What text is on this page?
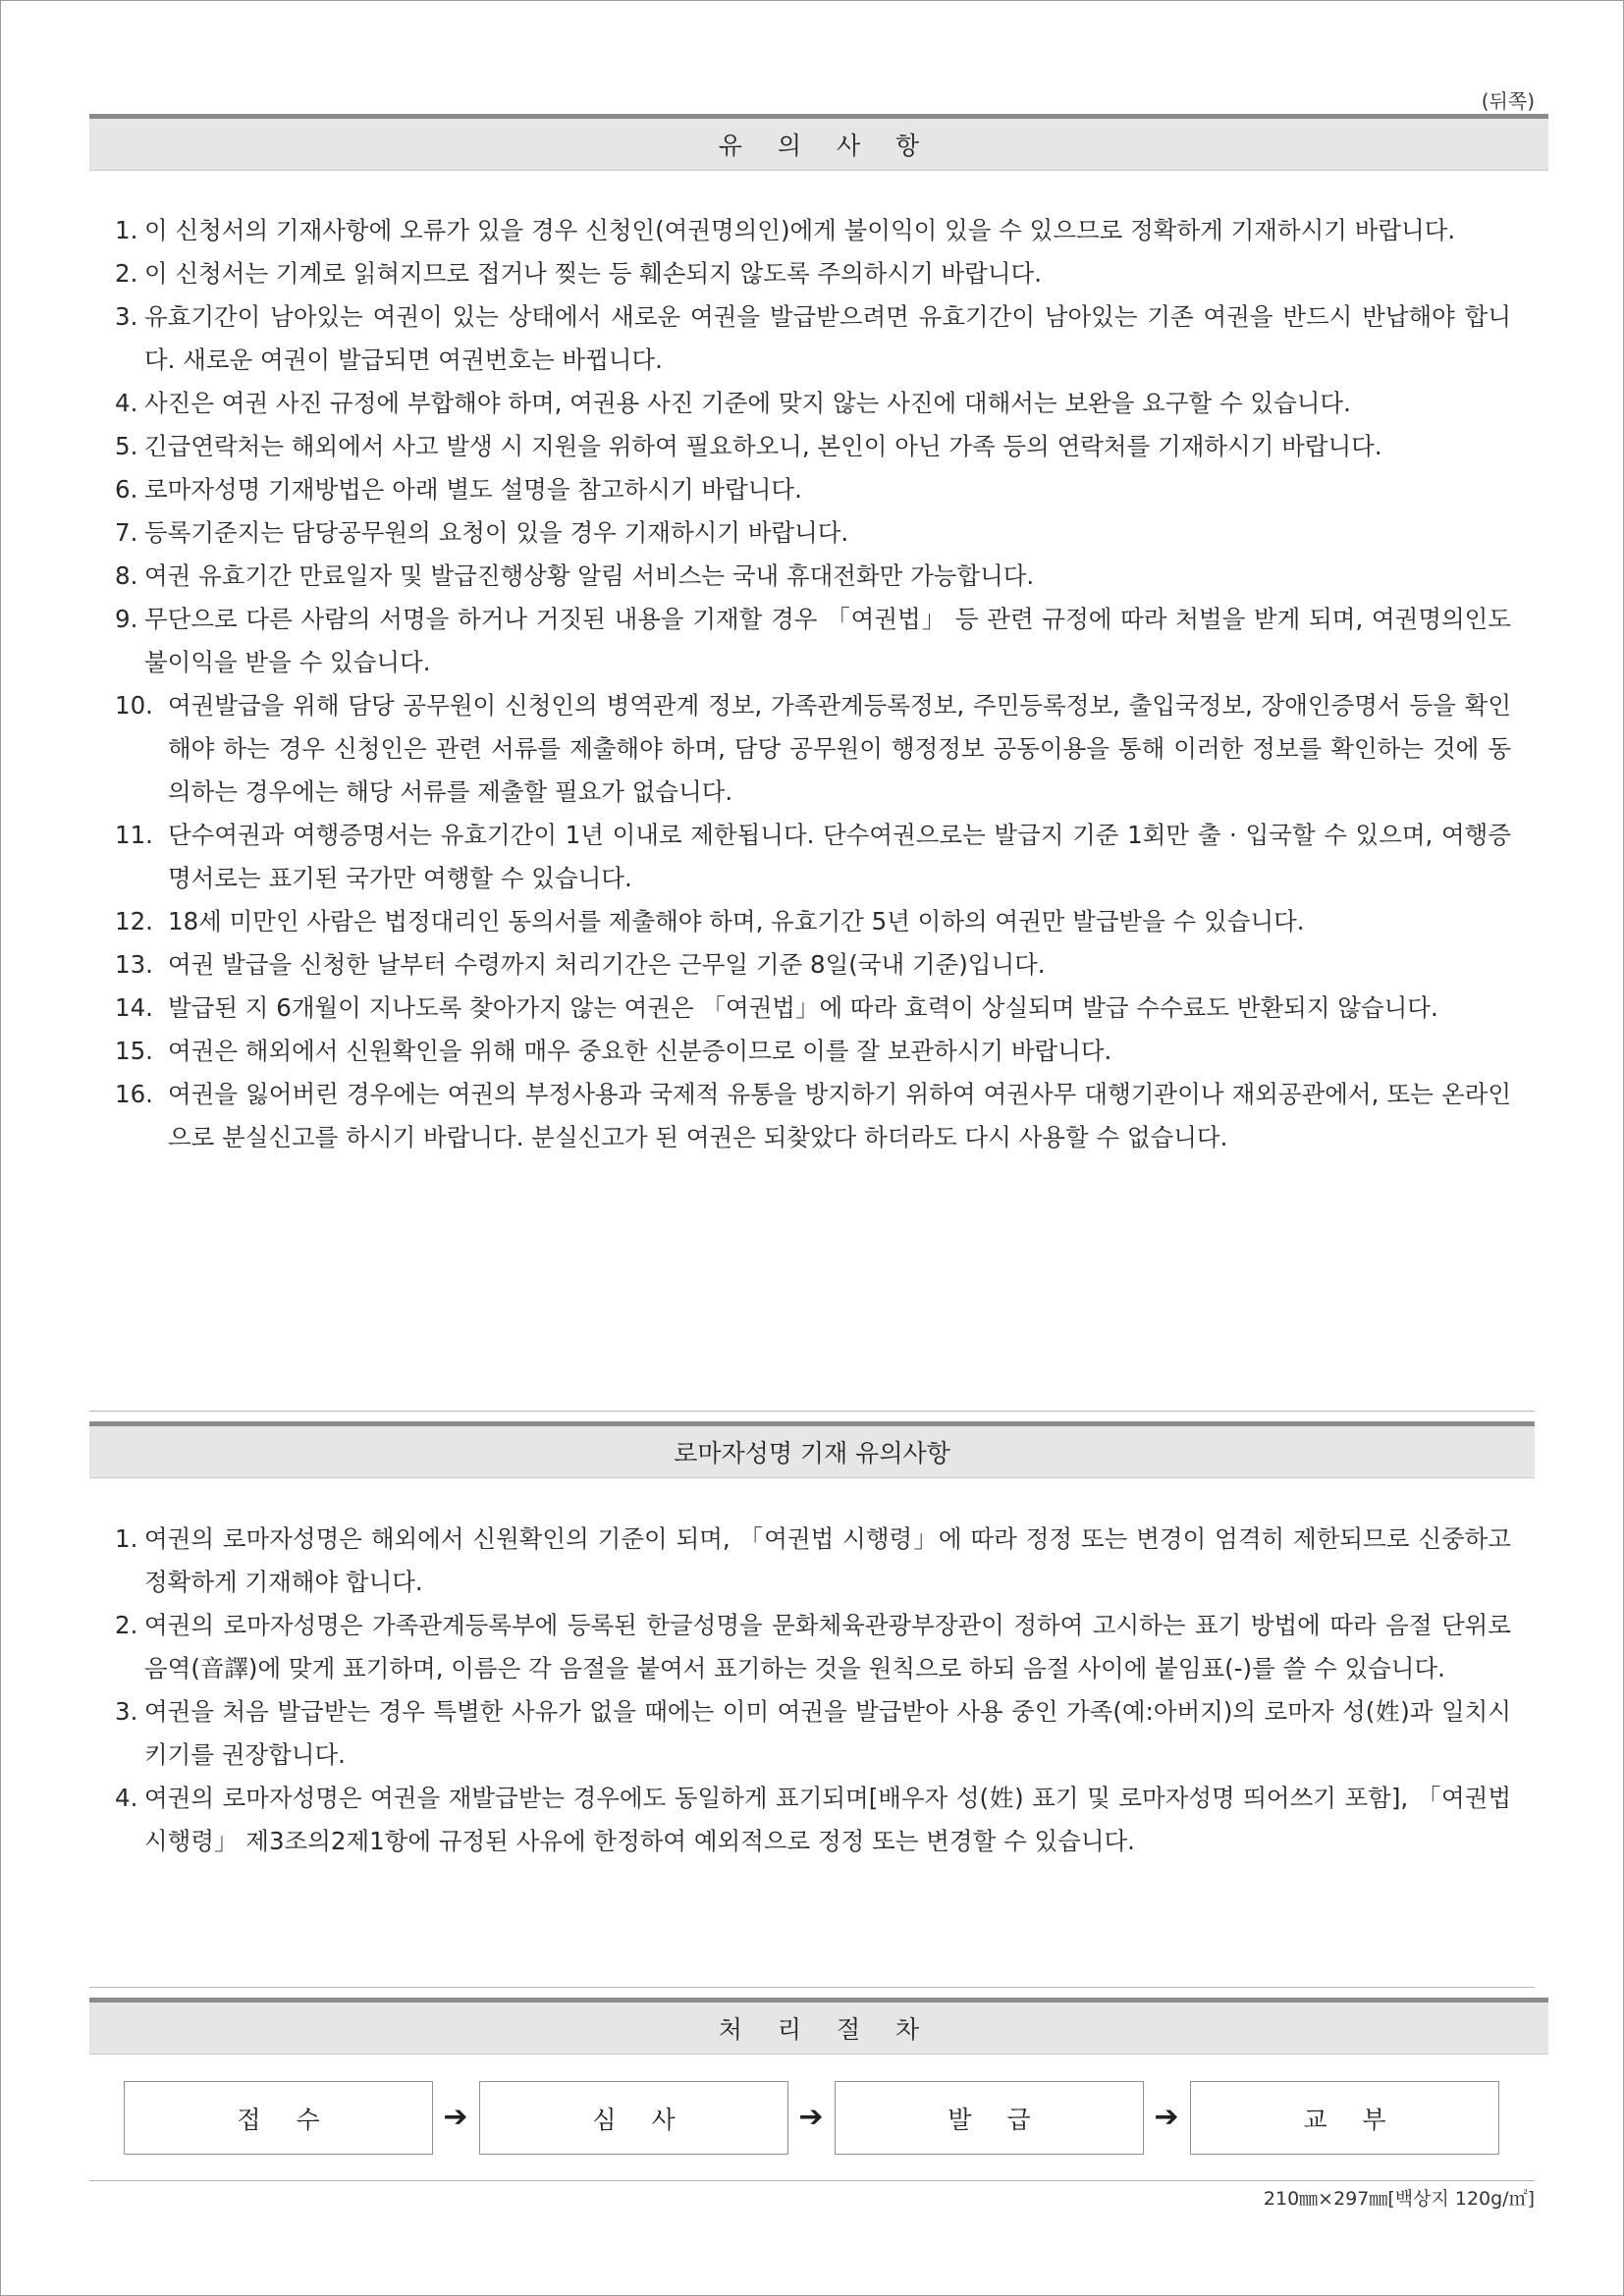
(뒤쪽)
유 의 사 항
1. 이 신청서의 기재사항에 오류가 있을 경우 신청인(여권명의인)에게 불이익이 있을 수 있으므로 정확하게 기재하시기 바랍니다.
2. 이 신청서는 기계로 읽혀지므로 접거나 찢는 등 훼손되지 않도록 주의하시기 바랍니다.
3. 유효기간이 남아있는 여권이 있는 상태에서 새로운 여권을 발급받으려면 유효기간이 남아있는 기존 여권을 반드시 반납해야 합니다. 새로운 여권이 발급되면 여권번호는 바뀝니다.
4. 사진은 여권 사진 규정에 부합해야 하며, 여권용 사진 기준에 맞지 않는 사진에 대해서는 보완을 요구할 수 있습니다.
5. 긴급연락처는 해외에서 사고 발생 시 지원을 위하여 필요하오니, 본인이 아닌 가족 등의 연락처를 기재하시기 바랍니다.
6. 로마자성명 기재방법은 아래 별도 설명을 참고하시기 바랍니다.
7. 등록기준지는 담당공무원의 요청이 있을 경우 기재하시기 바랍니다.
8. 여권 유효기간 만료일자 및 발급진행상황 알림 서비스는 국내 휴대전화만 가능합니다.
9. 무단으로 다른 사람의 서명을 하거나 거짓된 내용을 기재할 경우 「여권법」 등 관련 규정에 따라 처벌을 받게 되며, 여권명의인도 불이익을 받을 수 있습니다.
10. 여권발급을 위해 담당 공무원이 신청인의 병역관계 정보, 가족관계등록정보, 주민등록정보, 출입국정보, 장애인증명서 등을 확인해야 하는 경우 신청인은 관련 서류를 제출해야 하며, 담당 공무원이 행정정보 공동이용을 통해 이러한 정보를 확인하는 것에 동의하는 경우에는 해당 서류를 제출할 필요가 없습니다.
11. 단수여권과 여행증명서는 유효기간이 1년 이내로 제한됩니다. 단수여권으로는 발급지 기준 1회만 출 · 입국할 수 있으며, 여행증명서로는 표기된 국가만 여행할 수 있습니다.
12. 18세 미만인 사람은 법정대리인 동의서를 제출해야 하며, 유효기간 5년 이하의 여권만 발급받을 수 있습니다.
13. 여권 발급을 신청한 날부터 수령까지 처리기간은 근무일 기준 8일(국내 기준)입니다.
14. 발급된 지 6개월이 지나도록 찾아가지 않는 여권은 「여권법」에 따라 효력이 상실되며 발급 수수료도 반환되지 않습니다.
15. 여권은 해외에서 신원확인을 위해 매우 중요한 신분증이므로 이를 잘 보관하시기 바랍니다.
16. 여권을 잃어버린 경우에는 여권의 부정사용과 국제적 유통을 방지하기 위하여 여권사무 대행기관이나 재외공관에서, 또는 온라인으로 분실신고를 하시기 바랍니다. 분실신고가 된 여권은 되찾았다 하더라도 다시 사용할 수 없습니다.
로마자성명 기재 유의사항
1. 여권의 로마자성명은 해외에서 신원확인의 기준이 되며, 「여권법 시행령」에 따라 정정 또는 변경이 엄격히 제한되므로 신중하고 정확하게 기재해야 합니다.
2. 여권의 로마자성명은 가족관계등록부에 등록된 한글성명을 문화체육관광부장관이 정하여 고시하는 표기 방법에 따라 음절 단위로 음역(音譯)에 맞게 표기하며, 이름은 각 음절을 붙여서 표기하는 것을 원칙으로 하되 음절 사이에 붙임표(-)를 쓸 수 있습니다.
3. 여권을 처음 발급받는 경우 특별한 사유가 없을 때에는 이미 여권을 발급받아 사용 중인 가족(예:아버지)의 로마자 성(姓)과 일치시키기를 권장합니다.
4. 여권의 로마자성명은 여권을 재발급받는 경우에도 동일하게 표기되며[배우자 성(姓) 표기 및 로마자성명 띄어쓰기 포함], 「여권법 시행령」 제3조의2제1항에 규정된 사유에 한정하여 예외적으로 정정 또는 변경할 수 있습니다.
처 리 절 차
접 수	➔	심 사	➔	발 급	➔	교 부
210㎜×297㎜[백상지 120g/㎡]
